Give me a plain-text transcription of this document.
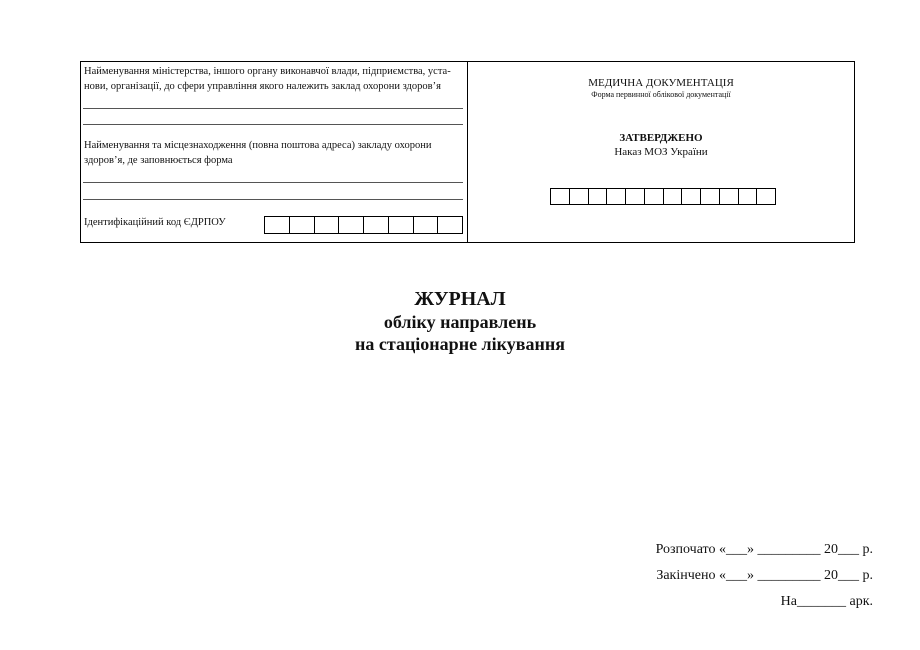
Найменування міністерства, іншого органу виконавчої влади, підприємства, уста-нови, організації, до сфери управління якого належить заклад охорони здоров’я
Найменування та місцезнаходження (повна поштова адреса) закладу охорони здоров’я, де заповнюється форма
Ідентифікаційний код ЄДРПОУ
МЕДИЧНА ДОКУМЕНТАЦІЯ
Форма первинної облікової документації
ЗАТВЕРДЖЕНО
Наказ МОЗ України
ЖУРНАЛ
обліку направлень
на стаціонарне лікування
Розпочато «___» _________ 20___ р.
Закінчено «___» _________ 20___ р.
На_______ арк.
